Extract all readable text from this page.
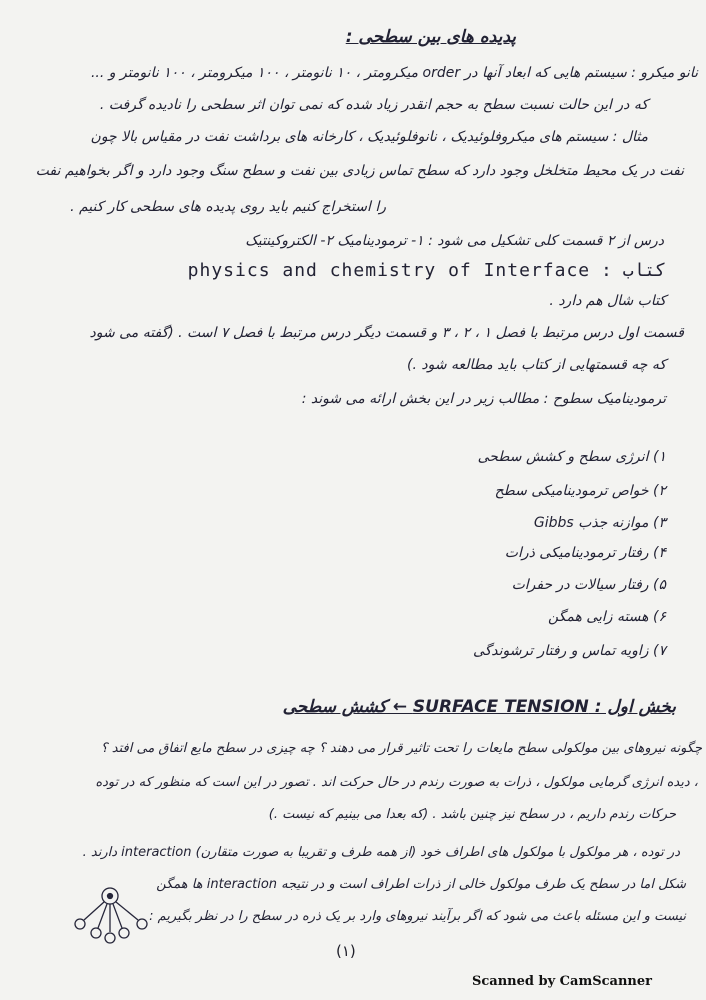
پدیده های بین سطحی :
نانو میکرو : سیستم هایی که ابعاد آنها در order میکرومتر ، ۱۰ نانومتر ، ۱۰۰ میکرومتر ، ۱۰۰ نانومتر و ...
که در این حالت نسبت سطح به حجم انقدر زیاد شده که نمی توان اثر سطحی را نادیده گرفت .
مثال : سیستم های میکروفلوئیدیک ، نانوفلوئیدیک ، کارخانه های برداشت نفت در مقیاس بالا چون
نفت در یک محیط متخلخل وجود دارد که سطح تماس زیادی بین نفت و سطح سنگ وجود دارد و اگر بخواهیم نفت
را استخراج کنیم باید روی پدیده های سطحی کار کنیم .
درس از ۲ قسمت کلی تشکیل می شود : ۱- ترمودینامیک ۲- الکتروکینتیک
کتاب : physics and chemistry of Interface
کتاب شال هم دارد .
قسمت اول درس مرتبط با فصل ۱ ، ۲ ، ۳ و قسمت دیگر درس مرتبط با فصل ۷ است . (گفته می شود
که چه قسمتهایی از کتاب باید مطالعه شود .)
ترمودینامیک سطوح : مطالب زیر در این بخش ارائه می شوند :
۱) انرژی سطح و کشش سطحی
۲) خواص ترمودینامیکی سطح
۳) موازنه جذب Gibbs
۴) رفتار ترمودینامیکی ذرات
۵) رفتار سیالات در حفرات
۶) هسته زایی همگن
۷) زاویه تماس و رفتار ترشوندگی
بخش اول : SURFACE TENSION ← کشش سطحی
چگونه نیروهای بین مولکولی سطح مایعات را تحت تاثیر قرار می دهند ؟ چه چیزی در سطح مایع اتفاق می افتد ؟
، دیده انرژی گرمایی مولکول ، ذرات به صورت رندم در حال حرکت اند . تصور در این است که منظور که در توده
حرکات رندم داریم ، در سطح نیز چنین باشد . (که بعدا می بینیم که نیست .)
در توده ، هر مولکول با مولکول های اطراف خود (از همه طرف و تقریبا به صورت متقارن) interaction دارند .
شکل اما در سطح یک طرف مولکول خالی از ذرات اطراف است و در نتیجه interaction ها همگن
نیست و این مسئله باعث می شود که اگر برآیند نیروهای وارد بر یک ذره در سطح را در نظر بگیریم :
(۱)
Scanned by CamScanner
